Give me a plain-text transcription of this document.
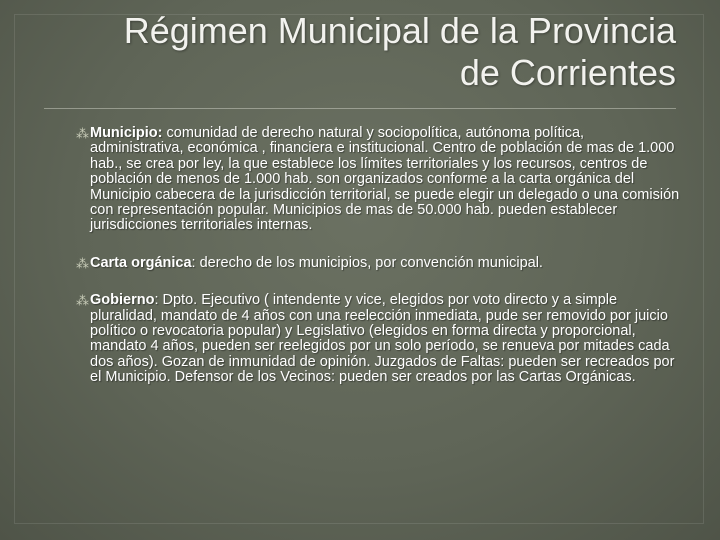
Régimen Municipal de la Provincia
de Corrientes

⁂ Municipio: comunidad de derecho natural y sociopolítica, autónoma política, administrativa, económica , financiera e institucional. Centro de población de mas de 1.000 hab., se crea por ley, la que establece los límites territoriales y los recursos, centros de población de menos de 1.000 hab. son organizados conforme a la carta orgánica del Municipio cabecera de la jurisdicción territorial, se puede elegir un delegado o una comisión con representación popular. Municipios de mas de 50.000 hab. pueden establecer jurisdicciones territoriales internas.

⁂ Carta orgánica: derecho de los municipios, por convención municipal.

⁂ Gobierno: Dpto. Ejecutivo ( intendente y vice, elegidos por voto directo y a simple pluralidad, mandato de 4 años con una reelección inmediata, pude ser removido por juicio político o revocatoria popular) y Legislativo (elegidos en forma directa y proporcional, mandato 4 años, pueden ser reelegidos por un solo período, se renueva por mitades cada dos años). Gozan de inmunidad de opinión. Juzgados de Faltas: pueden ser recreados por el Municipio. Defensor de los Vecinos: pueden ser creados por las Cartas Orgánicas.
